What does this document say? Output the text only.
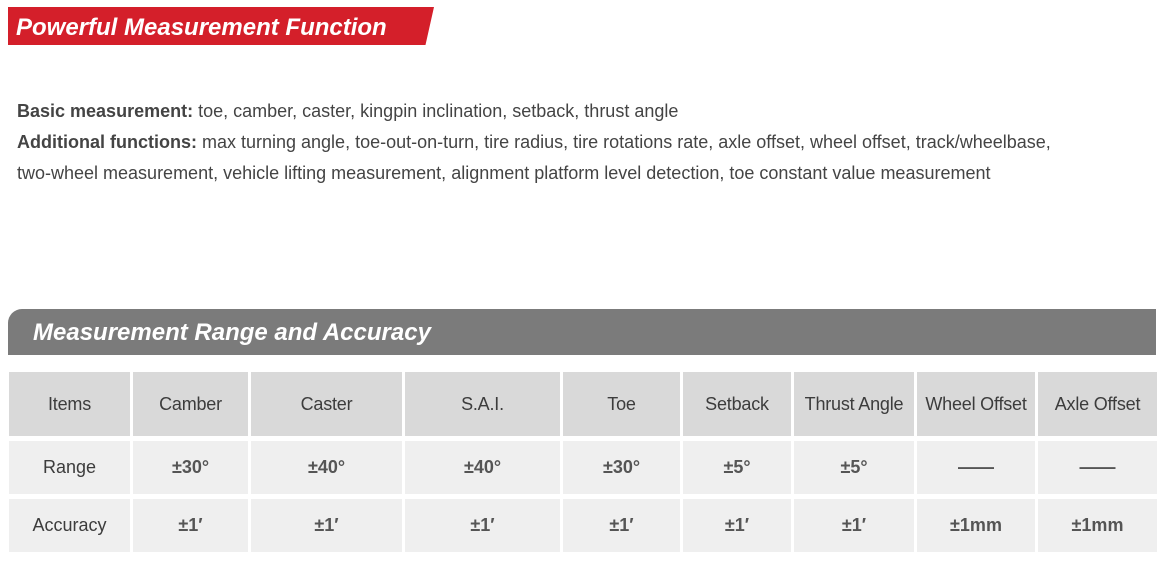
Powerful Measurement Function

Basic measurement: toe, camber, caster, kingpin inclination, setback, thrust angle

Additional functions: max turning angle, toe-out-on-turn, tire radius, tire rotations rate, axle offset, wheel offset, track/wheelbase, two-wheel measurement, vehicle lifting measurement, alignment platform level detection, toe constant value measurement

Measurement Range and Accuracy
Items	Camber	Caster	S.A.I.	Toe	Setback	Thrust Angle	Wheel Offset	Axle Offset
Range	±30°	±40°	±40°	±30°	±5°	±5°	——	——
Accuracy	±1′	±1′	±1′	±1′	±1′	±1′	±1mm	±1mm
